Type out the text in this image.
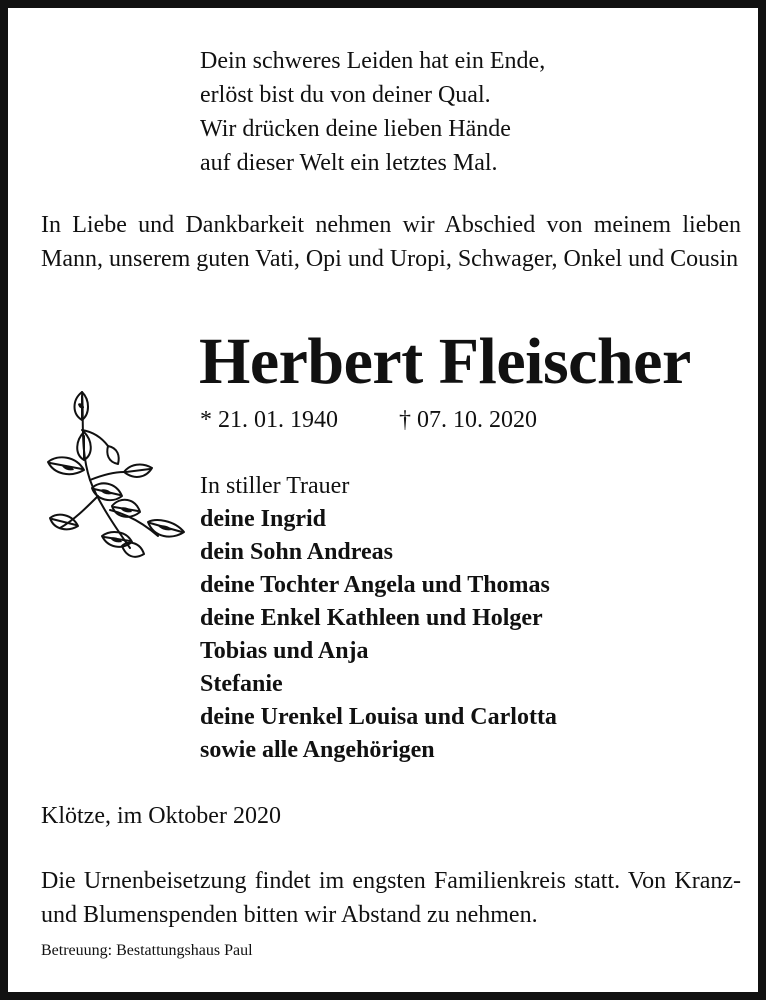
Dein schweres Leiden hat ein Ende,
erlöst bist du von deiner Qual.
Wir drücken deine lieben Hände
auf dieser Welt ein letztes Mal.
In Liebe und Dankbarkeit nehmen wir Abschied von meinem lieben Mann, unserem guten Vati, Opi und Uropi, Schwager, Onkel und Cousin
Herbert Fleischer
* 21. 01. 1940	† 07. 10. 2020
In stiller Trauer
deine Ingrid
dein Sohn Andreas
deine Tochter Angela und Thomas
deine Enkel Kathleen und Holger
Tobias und Anja
Stefanie
deine Urenkel Louisa und Carlotta
sowie alle Angehörigen
Klötze, im Oktober 2020
Die Urnenbeisetzung findet im engsten Familienkreis statt. Von Kranz- und Blumenspenden bitten wir Abstand zu nehmen.
Betreuung: Bestattungshaus Paul
